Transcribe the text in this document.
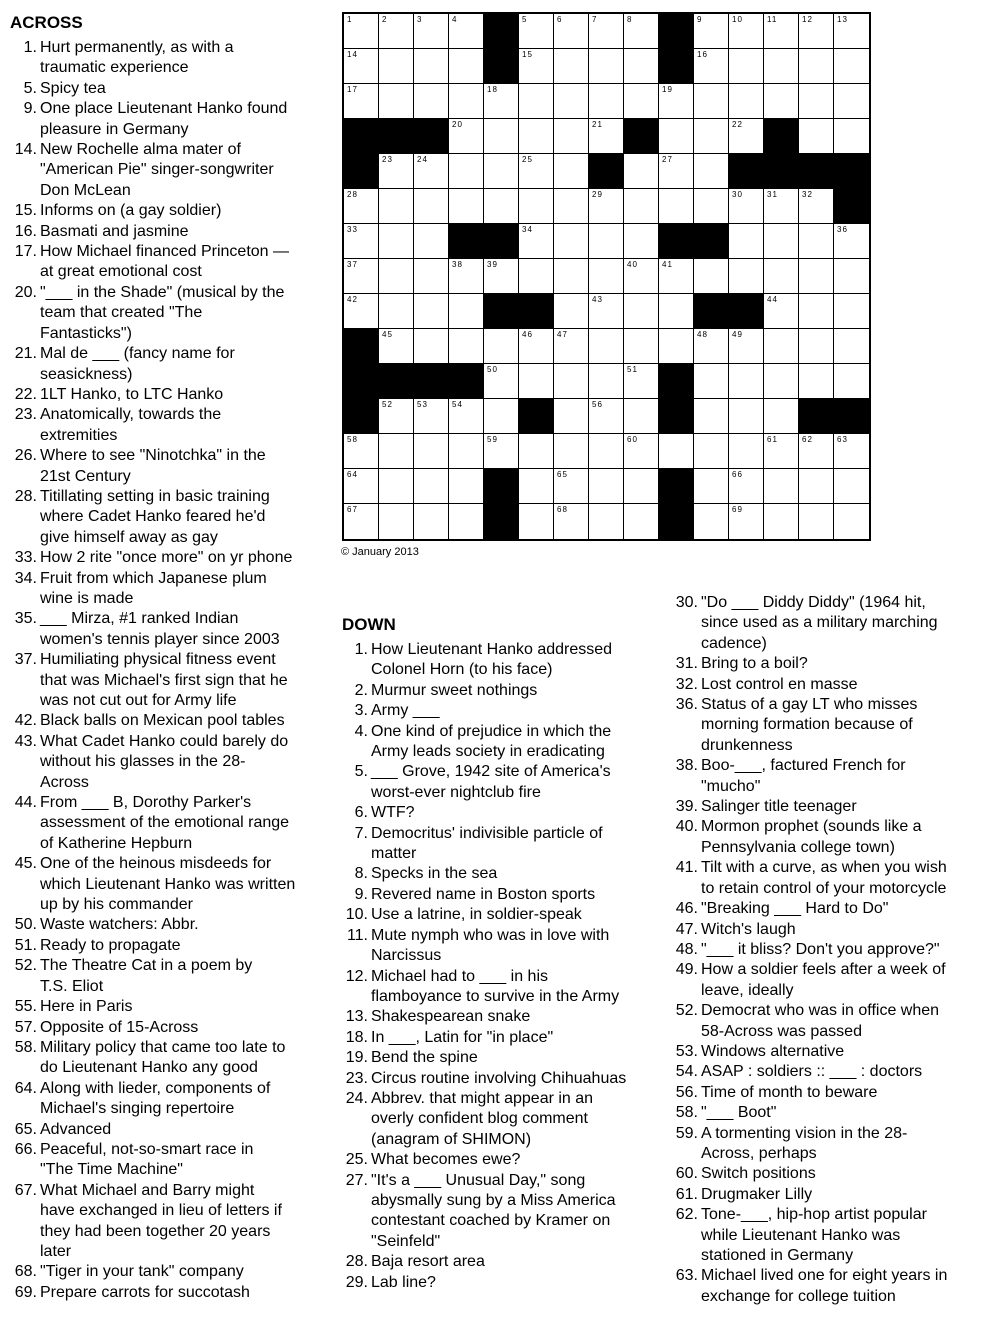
ACROSS
1. Hurt permanently, as with a
traumatic experience
5. Spicy tea
9. One place Lieutenant Hanko found
pleasure in Germany
14. New Rochelle alma mater of
"American Pie" singer-songwriter
Don McLean
15. Informs on (a gay soldier)
16. Basmati and jasmine
17. How Michael financed Princeton —
at great emotional cost
20. "___ in the Shade" (musical by the
team that created "The
Fantasticks")
21. Mal de ___ (fancy name for
seasickness)
22. 1LT Hanko, to LTC Hanko
23. Anatomically, towards the
extremities
26. Where to see "Ninotchka" in the
21st Century
28. Titillating setting in basic training
where Cadet Hanko feared he'd
give himself away as gay
33. How 2 rite "once more" on yr phone
34. Fruit from which Japanese plum
wine is made
35. ___ Mirza, #1 ranked Indian
women's tennis player since 2003
37. Humiliating physical fitness event
that was Michael's first sign that he
was not cut out for Army life
42. Black balls on Mexican pool tables
43. What Cadet Hanko could barely do
without his glasses in the 28-
Across
44. From ___ B, Dorothy Parker's
assessment of the emotional range
of Katherine Hepburn
45. One of the heinous misdeeds for
which Lieutenant Hanko was written
up by his commander
50. Waste watchers: Abbr.
51. Ready to propagate
52. The Theatre Cat in a poem by
T.S. Eliot
55. Here in Paris
57. Opposite of 15-Across
58. Military policy that came too late to
do Lieutenant Hanko any good
64. Along with lieder, components of
Michael's singing repertoire
65. Advanced
66. Peaceful, not-so-smart race in
"The Time Machine"
67. What Michael and Barry might
have exchanged in lieu of letters if
they had been together 20 years
later
68. "Tiger in your tank" company
69. Prepare carrots for succotash
1	2	3	4	5	6	7	8	9	10	11	12	13
14	15	16
17	18	19
20	21	22
23	24	25	26	27
28	29	30	31	32
33	34	35	36
37	38	39	40	41
42	43	44
45	46	47	48	49
50	51
52	53	54	55	56	57
58	59	60	61	62	63
64	65	66
67	68	69
© January 2013
DOWN
1. How Lieutenant Hanko addressed
Colonel Horn (to his face)
2. Murmur sweet nothings
3. Army ___
4. One kind of prejudice in which the
Army leads society in eradicating
5. ___ Grove, 1942 site of America's
worst-ever nightclub fire
6. WTF?
7. Democritus' indivisible particle of
matter
8. Specks in the sea
9. Revered name in Boston sports
10. Use a latrine, in soldier-speak
11. Mute nymph who was in love with
Narcissus
12. Michael had to ___ in his
flamboyance to survive in the Army
13. Shakespearean snake
18. In ___, Latin for "in place"
19. Bend the spine
23. Circus routine involving Chihuahuas
24. Abbrev. that might appear in an
overly confident blog comment
(anagram of SHIMON)
25. What becomes ewe?
27. "It's a ___ Unusual Day," song
abysmally sung by a Miss America
contestant coached by Kramer on
"Seinfeld"
28. Baja resort area
29. Lab line?
30. "Do ___ Diddy Diddy" (1964 hit,
since used as a military marching
cadence)
31. Bring to a boil?
32. Lost control en masse
36. Status of a gay LT who misses
morning formation because of
drunkenness
38. Boo-___, factured French for
"mucho"
39. Salinger title teenager
40. Mormon prophet (sounds like a
Pennsylvania college town)
41. Tilt with a curve, as when you wish
to retain control of your motorcycle
46. "Breaking ___ Hard to Do"
47. Witch's laugh
48. "___ it bliss? Don't you approve?"
49. How a soldier feels after a week of
leave, ideally
52. Democrat who was in office when
58-Across was passed
53. Windows alternative
54. ASAP : soldiers :: ___ : doctors
56. Time of month to beware
58. "___ Boot"
59. A tormenting vision in the 28-
Across, perhaps
60. Switch positions
61. Drugmaker Lilly
62. Tone-___, hip-hop artist popular
while Lieutenant Hanko was
stationed in Germany
63. Michael lived one for eight years in
exchange for college tuition
